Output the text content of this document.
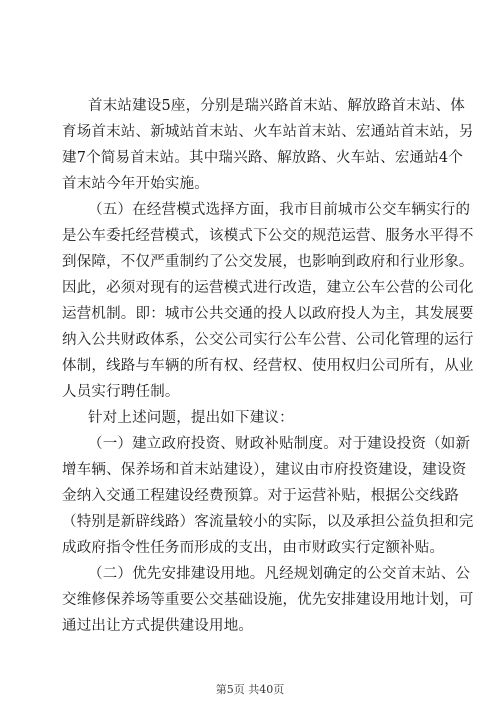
首末站建设5座，分别是瑞兴路首末站、解放路首末站、体
育场首末站、新城站首末站、火车站首末站、宏通站首末站，另
建7个简易首末站。其中瑞兴路、解放路、火车站、宏通站4个
首末站今年开始实施。
（五）在经营模式选择方面，我市目前城市公交车辆实行的
是公车委托经营模式，该模式下公交的规范运营、服务水平得不
到保障，不仅严重制约了公交发展，也影响到政府和行业形象。
因此，必须对现有的运营模式进行改造，建立公车公营的公司化
运营机制。即：城市公共交通的投人以政府投人为主，其发展要
纳入公共财政体系，公交公司实行公车公营、公司化管理的运行
体制，线路与车辆的所有权、经营权、使用权归公司所有，从业
人员实行聘任制。
针对上述问题，提出如下建议：
（一）建立政府投资、财政补贴制度。对于建设投资（如新
增车辆、保养场和首末站建设），建议由市府投资建设，建设资
金纳入交通工程建设经费预算。对于运营补贴，根据公交线路
（特别是新辟线路）客流量较小的实际，以及承担公益负担和完
成政府指令性任务而形成的支出，由市财政实行定额补贴。
（二）优先安排建设用地。凡经规划确定的公交首末站、公
交维修保养场等重要公交基础设施，优先安排建设用地计划，可
通过出让方式提供建设用地。
第5页 共40页
